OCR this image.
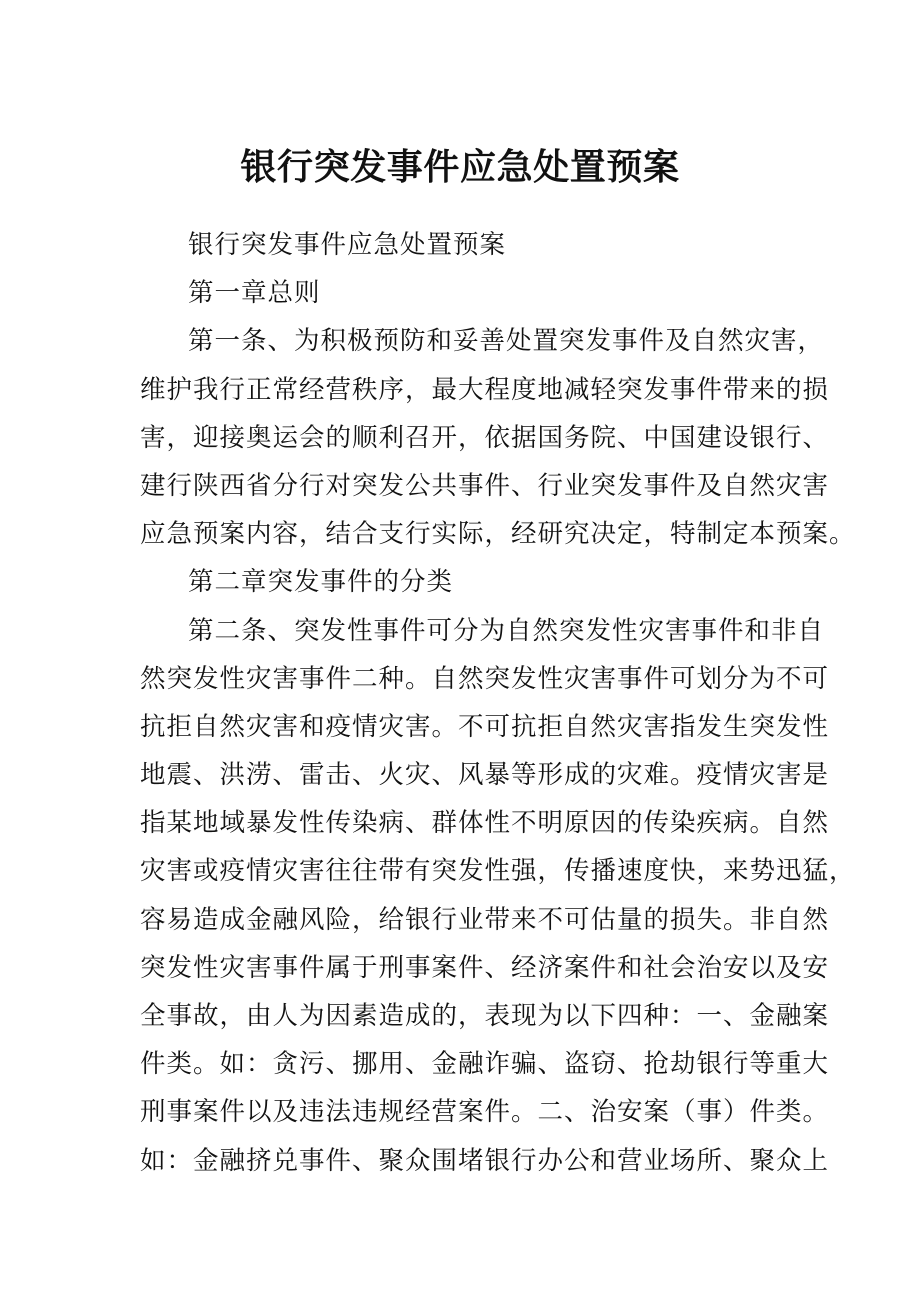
银行突发事件应急处置预案
银行突发事件应急处置预案
第一章总则
第一条、为积极预防和妥善处置突发事件及自然灾害，
维护我行正常经营秩序，最大程度地减轻突发事件带来的损
害，迎接奥运会的顺利召开，依据国务院、中国建设银行、
建行陕西省分行对突发公共事件、行业突发事件及自然灾害
应急预案内容，结合支行实际，经研究决定，特制定本预案。
第二章突发事件的分类
第二条、突发性事件可分为自然突发性灾害事件和非自
然突发性灾害事件二种。自然突发性灾害事件可划分为不可
抗拒自然灾害和疫情灾害。不可抗拒自然灾害指发生突发性
地震、洪涝、雷击、火灾、风暴等形成的灾难。疫情灾害是
指某地域暴发性传染病、群体性不明原因的传染疾病。自然
灾害或疫情灾害往往带有突发性强，传播速度快，来势迅猛，
容易造成金融风险，给银行业带来不可估量的损失。非自然
突发性灾害事件属于刑事案件、经济案件和社会治安以及安
全事故，由人为因素造成的，表现为以下四种：一、金融案
件类。如：贪污、挪用、金融诈骗、盗窃、抢劫银行等重大
刑事案件以及违法违规经营案件。二、治安案（事）件类。
如：金融挤兑事件、聚众围堵银行办公和营业场所、聚众上
